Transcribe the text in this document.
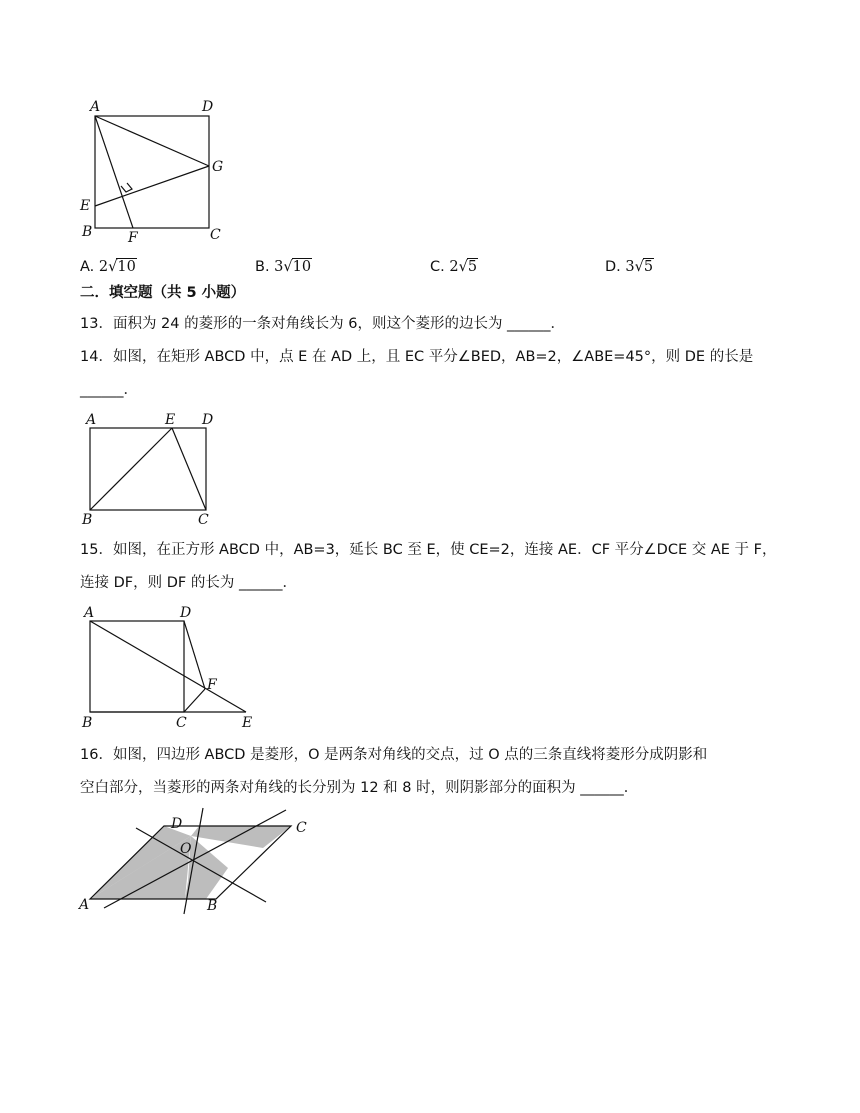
A	D
G
E
B	F	C
A. 2√10	B. 3√10	C. 2√5	D. 3√5
二．填空题（共 5 小题）
13．面积为 24 的菱形的一条对角线长为 6，则这个菱形的边长为 ______．
14．如图，在矩形 ABCD 中，点 E 在 AD 上，且 EC 平分∠BED，AB=2，∠ABE=45°，则 DE 的长是
______．
A	E D
B	C
15．如图，在正方形 ABCD 中，AB=3，延长 BC 至 E，使 CE=2，连接 AE．CF 平分∠DCE 交 AE 于 F，
连接 DF，则 DF 的长为 ______．
A	D
F
B	C	E
16．如图，四边形 ABCD 是菱形，O 是两条对角线的交点，过 O 点的三条直线将菱形分成阴影和
空白部分，当菱形的两条对角线的长分别为 12 和 8 时，则阴影部分的面积为 ______．
D	C
O
A	B
